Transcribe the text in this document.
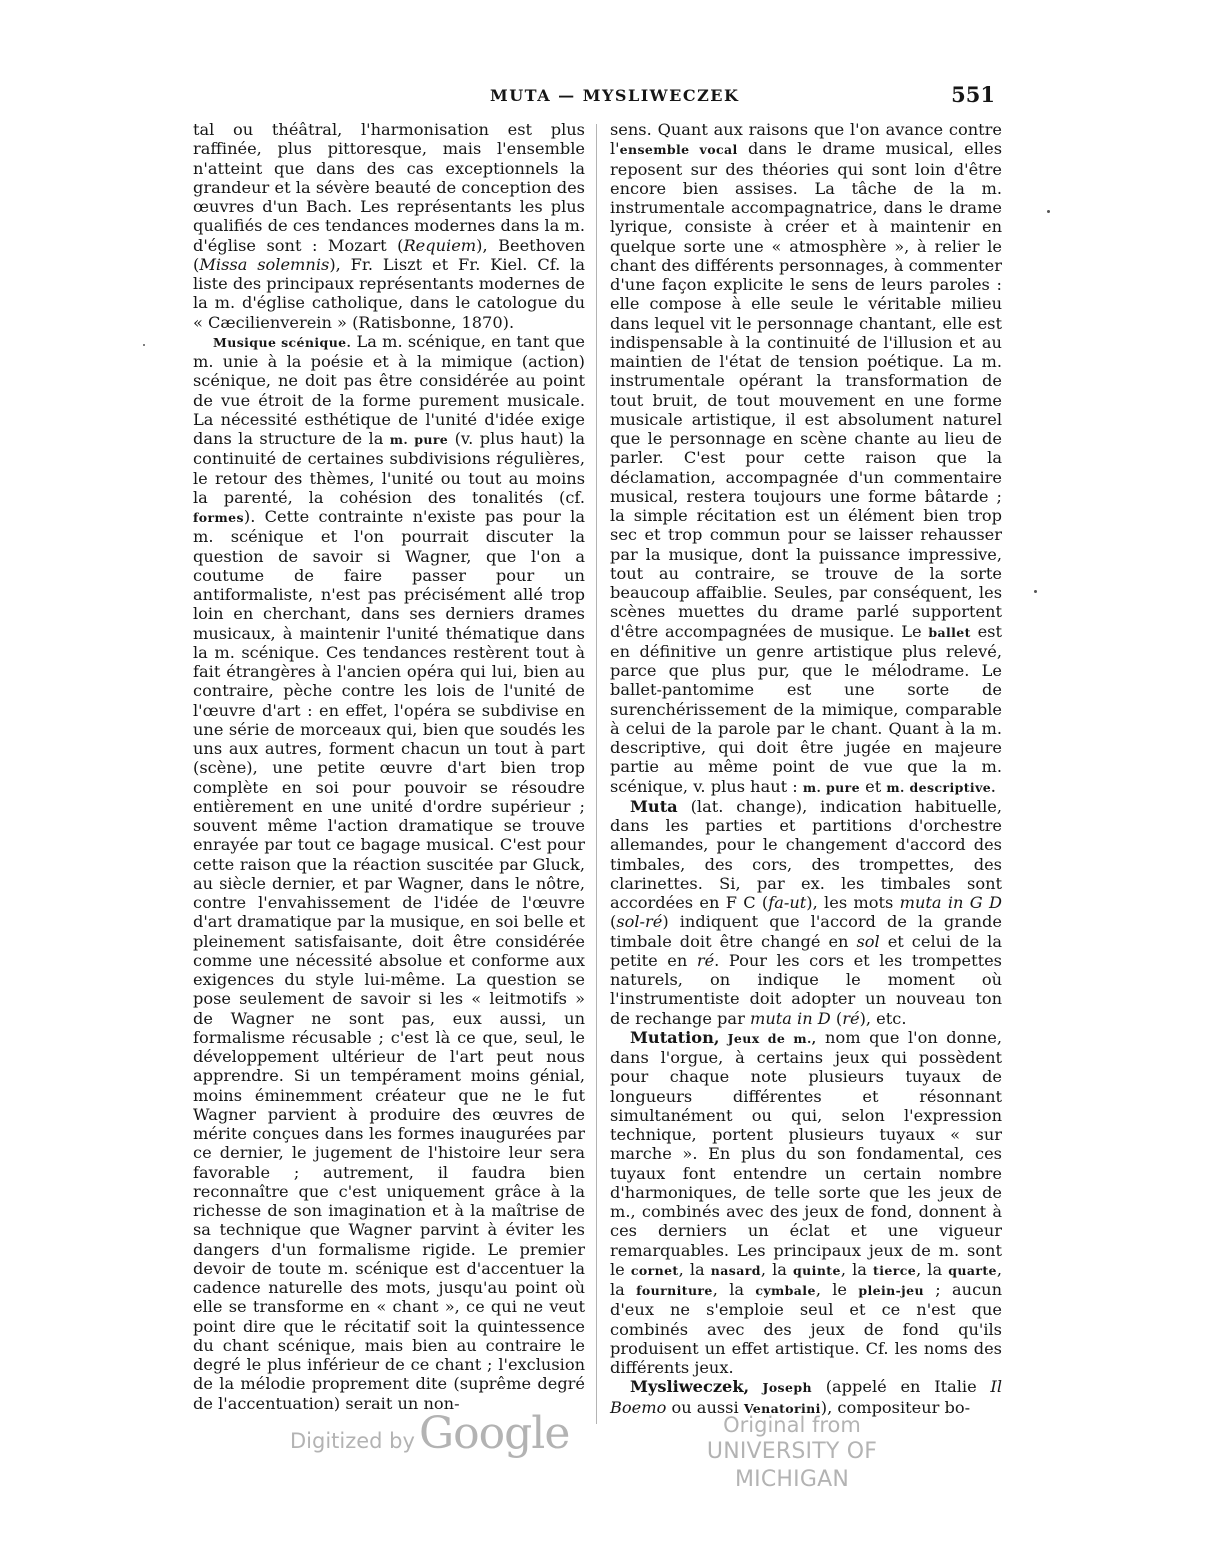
MUTA — MYSLIWECZEK	551

tal ou théâtral, l'harmonisation est plus raffinée, plus pittoresque, mais l'ensemble n'atteint que dans des cas exceptionnels la grandeur et la sévère beauté de conception des œuvres d'un Bach. Les représentants les plus qualifiés de ces tendances modernes dans la m. d'église sont : Mozart (Requiem), Beethoven (Missa solemnis), Fr. Liszt et Fr. Kiel. Cf. la liste des principaux représentants modernes de la m. d'église catholique, dans le catologue du « Cæcilienverein » (Ratisbonne, 1870).

Musique scénique. La m. scénique, en tant que m. unie à la poésie et à la mimique (action) scénique, ne doit pas être considérée au point de vue étroit de la forme purement musicale. La nécessité esthétique de l'unité d'idée exige dans la structure de la m. pure (v. plus haut) la continuité de certaines subdivisions régulières, le retour des thèmes, l'unité ou tout au moins la parenté, la cohésion des tonalités (cf. formes). Cette contrainte n'existe pas pour la m. scénique et l'on pourrait discuter la question de savoir si Wagner, que l'on a coutume de faire passer pour un antiformaliste, n'est pas précisément allé trop loin en cherchant, dans ses derniers drames musicaux, à maintenir l'unité thématique dans la m. scénique. Ces tendances restèrent tout à fait étrangères à l'ancien opéra qui lui, bien au contraire, pèche contre les lois de l'unité de l'œuvre d'art : en effet, l'opéra se subdivise en une série de morceaux qui, bien que soudés les uns aux autres, forment chacun un tout à part (scène), une petite œuvre d'art bien trop complète en soi pour pouvoir se résoudre entièrement en une unité d'ordre supérieur ; souvent même l'action dramatique se trouve enrayée par tout ce bagage musical. C'est pour cette raison que la réaction suscitée par Gluck, au siècle dernier, et par Wagner, dans le nôtre, contre l'envahissement de l'idée de l'œuvre d'art dramatique par la musique, en soi belle et pleinement satisfaisante, doit être considérée comme une nécessité absolue et conforme aux exigences du style lui-même. La question se pose seulement de savoir si les « leitmotifs » de Wagner ne sont pas, eux aussi, un formalisme récusable ; c'est là ce que, seul, le développement ultérieur de l'art peut nous apprendre. Si un tempérament moins génial, moins éminemment créateur que ne le fut Wagner parvient à produire des œuvres de mérite conçues dans les formes inaugurées par ce dernier, le jugement de l'histoire leur sera favorable ; autrement, il faudra bien reconnaître que c'est uniquement grâce à la richesse de son imagination et à la maîtrise de sa technique que Wagner parvint à éviter les dangers d'un formalisme rigide. Le premier devoir de toute m. scénique est d'accentuer la cadence naturelle des mots, jusqu'au point où elle se transforme en « chant », ce qui ne veut point dire que le récitatif soit la quintessence du chant scénique, mais bien au contraire le degré le plus inférieur de ce chant ; l'exclusion de la mélodie proprement dite (suprême degré de l'accentuation) serait un non-

sens. Quant aux raisons que l'on avance contre l'ensemble vocal dans le drame musical, elles reposent sur des théories qui sont loin d'être encore bien assises. La tâche de la m. instrumentale accompagnatrice, dans le drame lyrique, consiste à créer et à maintenir en quelque sorte une « atmosphère », à relier le chant des différents personnages, à commenter d'une façon explicite le sens de leurs paroles : elle compose à elle seule le véritable milieu dans lequel vit le personnage chantant, elle est indispensable à la continuité de l'illusion et au maintien de l'état de tension poétique. La m. instrumentale opérant la transformation de tout bruit, de tout mouvement en une forme musicale artistique, il est absolument naturel que le personnage en scène chante au lieu de parler. C'est pour cette raison que la déclamation, accompagnée d'un commentaire musical, restera toujours une forme bâtarde ; la simple récitation est un élément bien trop sec et trop commun pour se laisser rehausser par la musique, dont la puissance impressive, tout au contraire, se trouve de la sorte beaucoup affaiblie. Seules, par conséquent, les scènes muettes du drame parlé supportent d'être accompagnées de musique. Le ballet est en définitive un genre artistique plus relevé, parce que plus pur, que le mélodrame. Le ballet-pantomime est une sorte de surenchérissement de la mimique, comparable à celui de la parole par le chant. Quant à la m. descriptive, qui doit être jugée en majeure partie au même point de vue que la m. scénique, v. plus haut : m. pure et m. descriptive.

Muta (lat. change), indication habituelle, dans les parties et partitions d'orchestre allemandes, pour le changement d'accord des timbales, des cors, des trompettes, des clarinettes. Si, par ex. les timbales sont accordées en F C (fa-ut), les mots muta in G D (sol-ré) indiquent que l'accord de la grande timbale doit être changé en sol et celui de la petite en ré. Pour les cors et les trompettes naturels, on indique le moment où l'instrumentiste doit adopter un nouveau ton de rechange par muta in D (ré), etc.

Mutation, Jeux de m., nom que l'on donne, dans l'orgue, à certains jeux qui possèdent pour chaque note plusieurs tuyaux de longueurs différentes et résonnant simultanément ou qui, selon l'expression technique, portent plusieurs tuyaux « sur marche ». En plus du son fondamental, ces tuyaux font entendre un certain nombre d'harmoniques, de telle sorte que les jeux de m., combinés avec des jeux de fond, donnent à ces derniers un éclat et une vigueur remarquables. Les principaux jeux de m. sont le cornet, la nasard, la quinte, la tierce, la quarte, la fourniture, la cymbale, le plein-jeu ; aucun d'eux ne s'emploie seul et ce n'est que combinés avec des jeux de fond qu'ils produisent un effet artistique. Cf. les noms des différents jeux.

Mysliweczek, Joseph (appelé en Italie Il Boemo ou aussi Venatorini), compositeur bo-

Digitized byGoogle	Original from
UNIVERSITY OF MICHIGAN
